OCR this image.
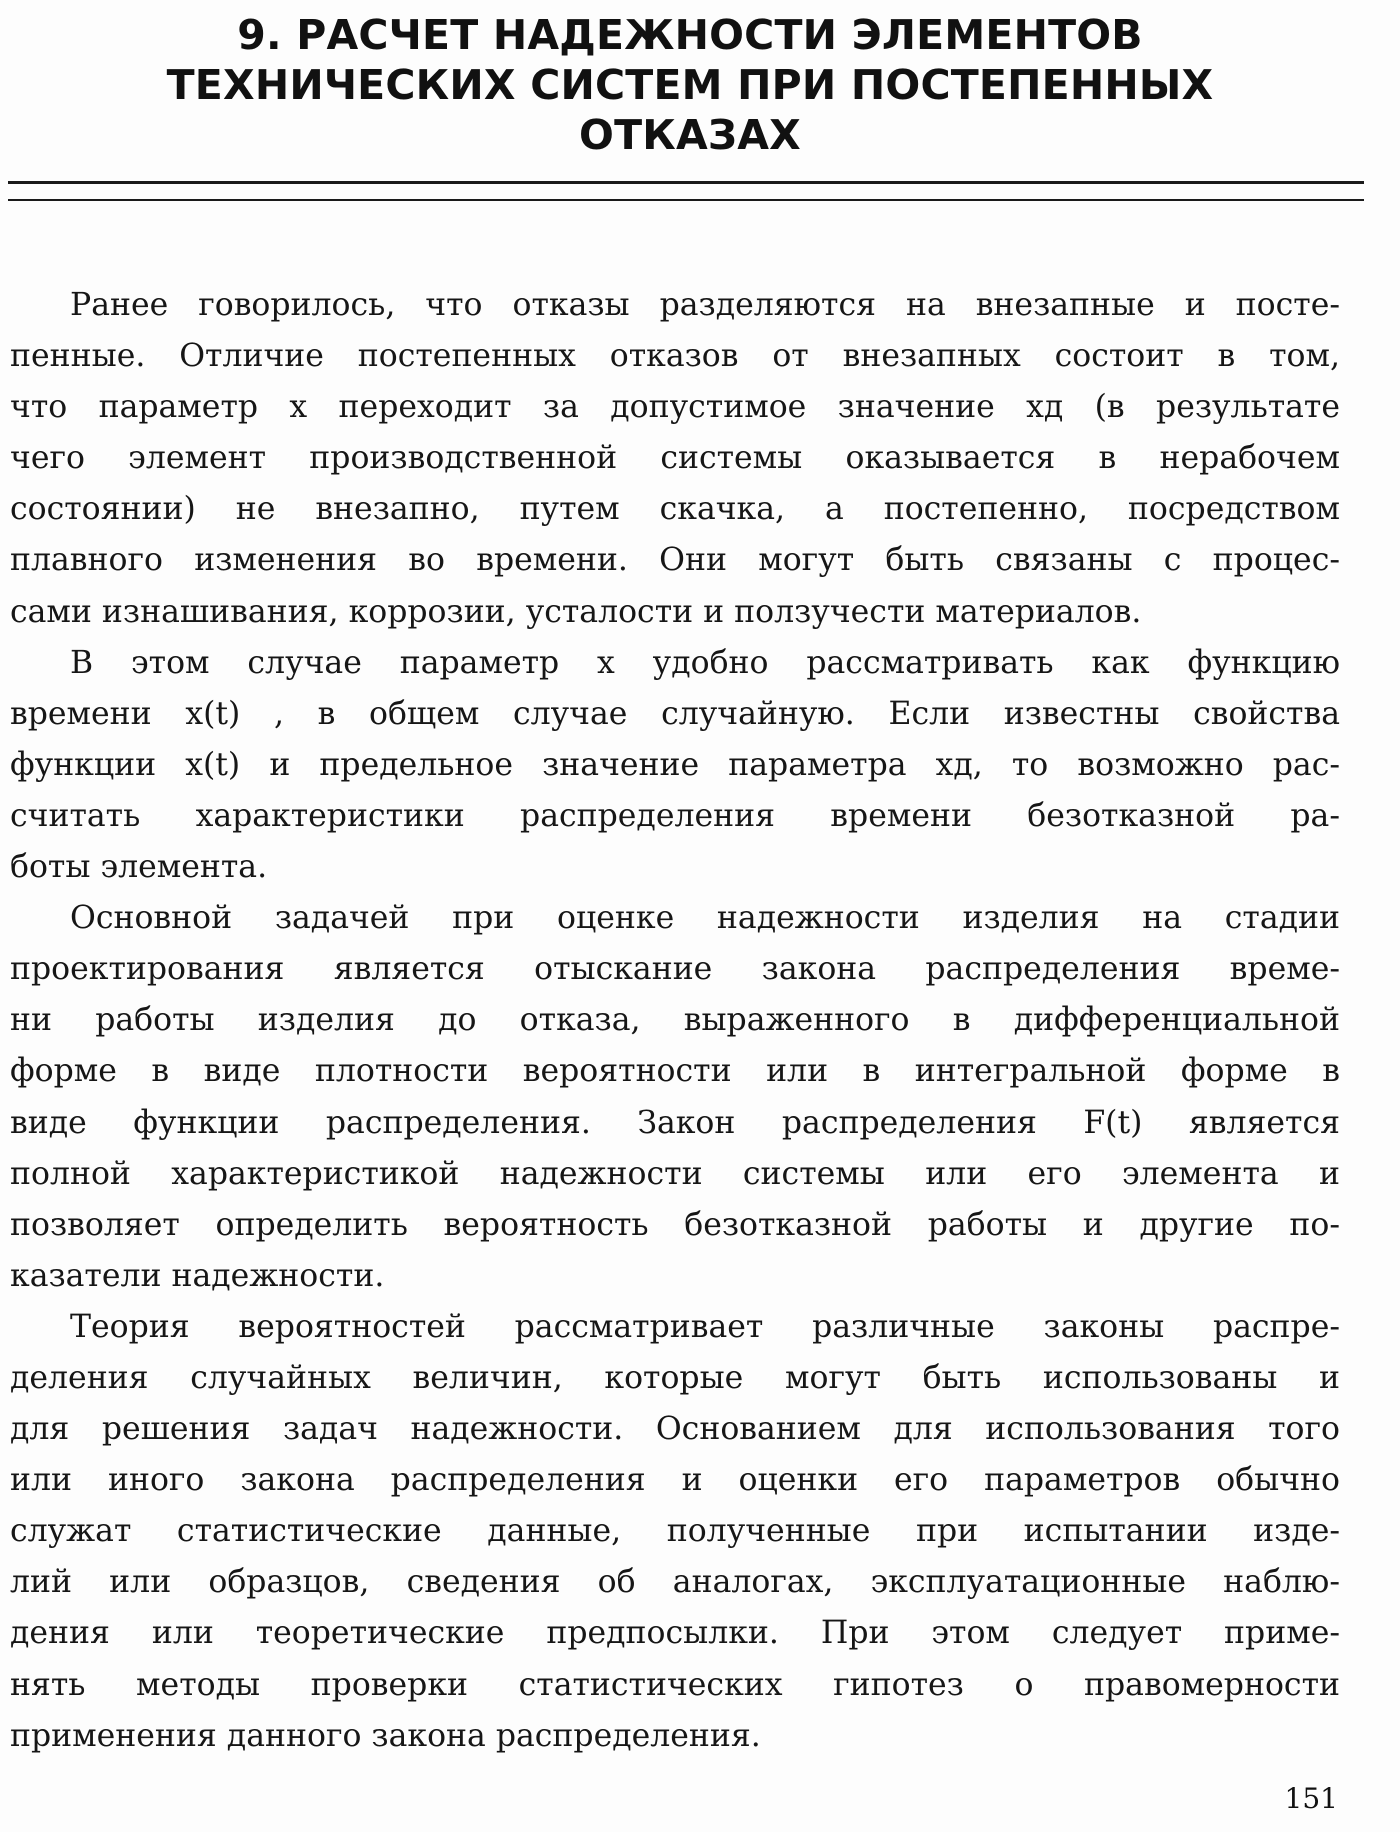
9. РАСЧЕТ НАДЕЖНОСТИ ЭЛЕМЕНТОВ
ТЕХНИЧЕСКИХ СИСТЕМ ПРИ ПОСТЕПЕННЫХ
ОТКАЗАХ

Ранее говорилось, что отказы разделяются на внезапные и посте-
пенные. Отличие постепенных отказов от внезапных состоит в том,
что параметр x переходит за допустимое значение xд (в результате
чего элемент производственной системы оказывается в нерабочем
состоянии) не внезапно, путем скачка, а постепенно, посредством
плавного изменения во времени. Они могут быть связаны с процес-
сами изнашивания, коррозии, усталости и ползучести материалов.

В этом случае параметр x удобно рассматривать как функцию
времени x(t) , в общем случае случайную. Если известны свойства
функции x(t) и предельное значение параметра xд, то возможно рас-
считать характеристики распределения времени безотказной ра-
боты элемента.

Основной задачей при оценке надежности изделия на стадии
проектирования является отыскание закона распределения време-
ни работы изделия до отказа, выраженного в дифференциальной
форме в виде плотности вероятности или в интегральной форме в
виде функции распределения. Закон распределения F(t) является
полной характеристикой надежности системы или его элемента и
позволяет определить вероятность безотказной работы и другие по-
казатели надежности.

Теория вероятностей рассматривает различные законы распре-
деления случайных величин, которые могут быть использованы и
для решения задач надежности. Основанием для использования того
или иного закона распределения и оценки его параметров обычно
служат статистические данные, полученные при испытании изде-
лий или образцов, сведения об аналогах, эксплуатационные наблю-
дения или теоретические предпосылки. При этом следует приме-
нять методы проверки статистических гипотез о правомерности
применения данного закона распределения.

151
